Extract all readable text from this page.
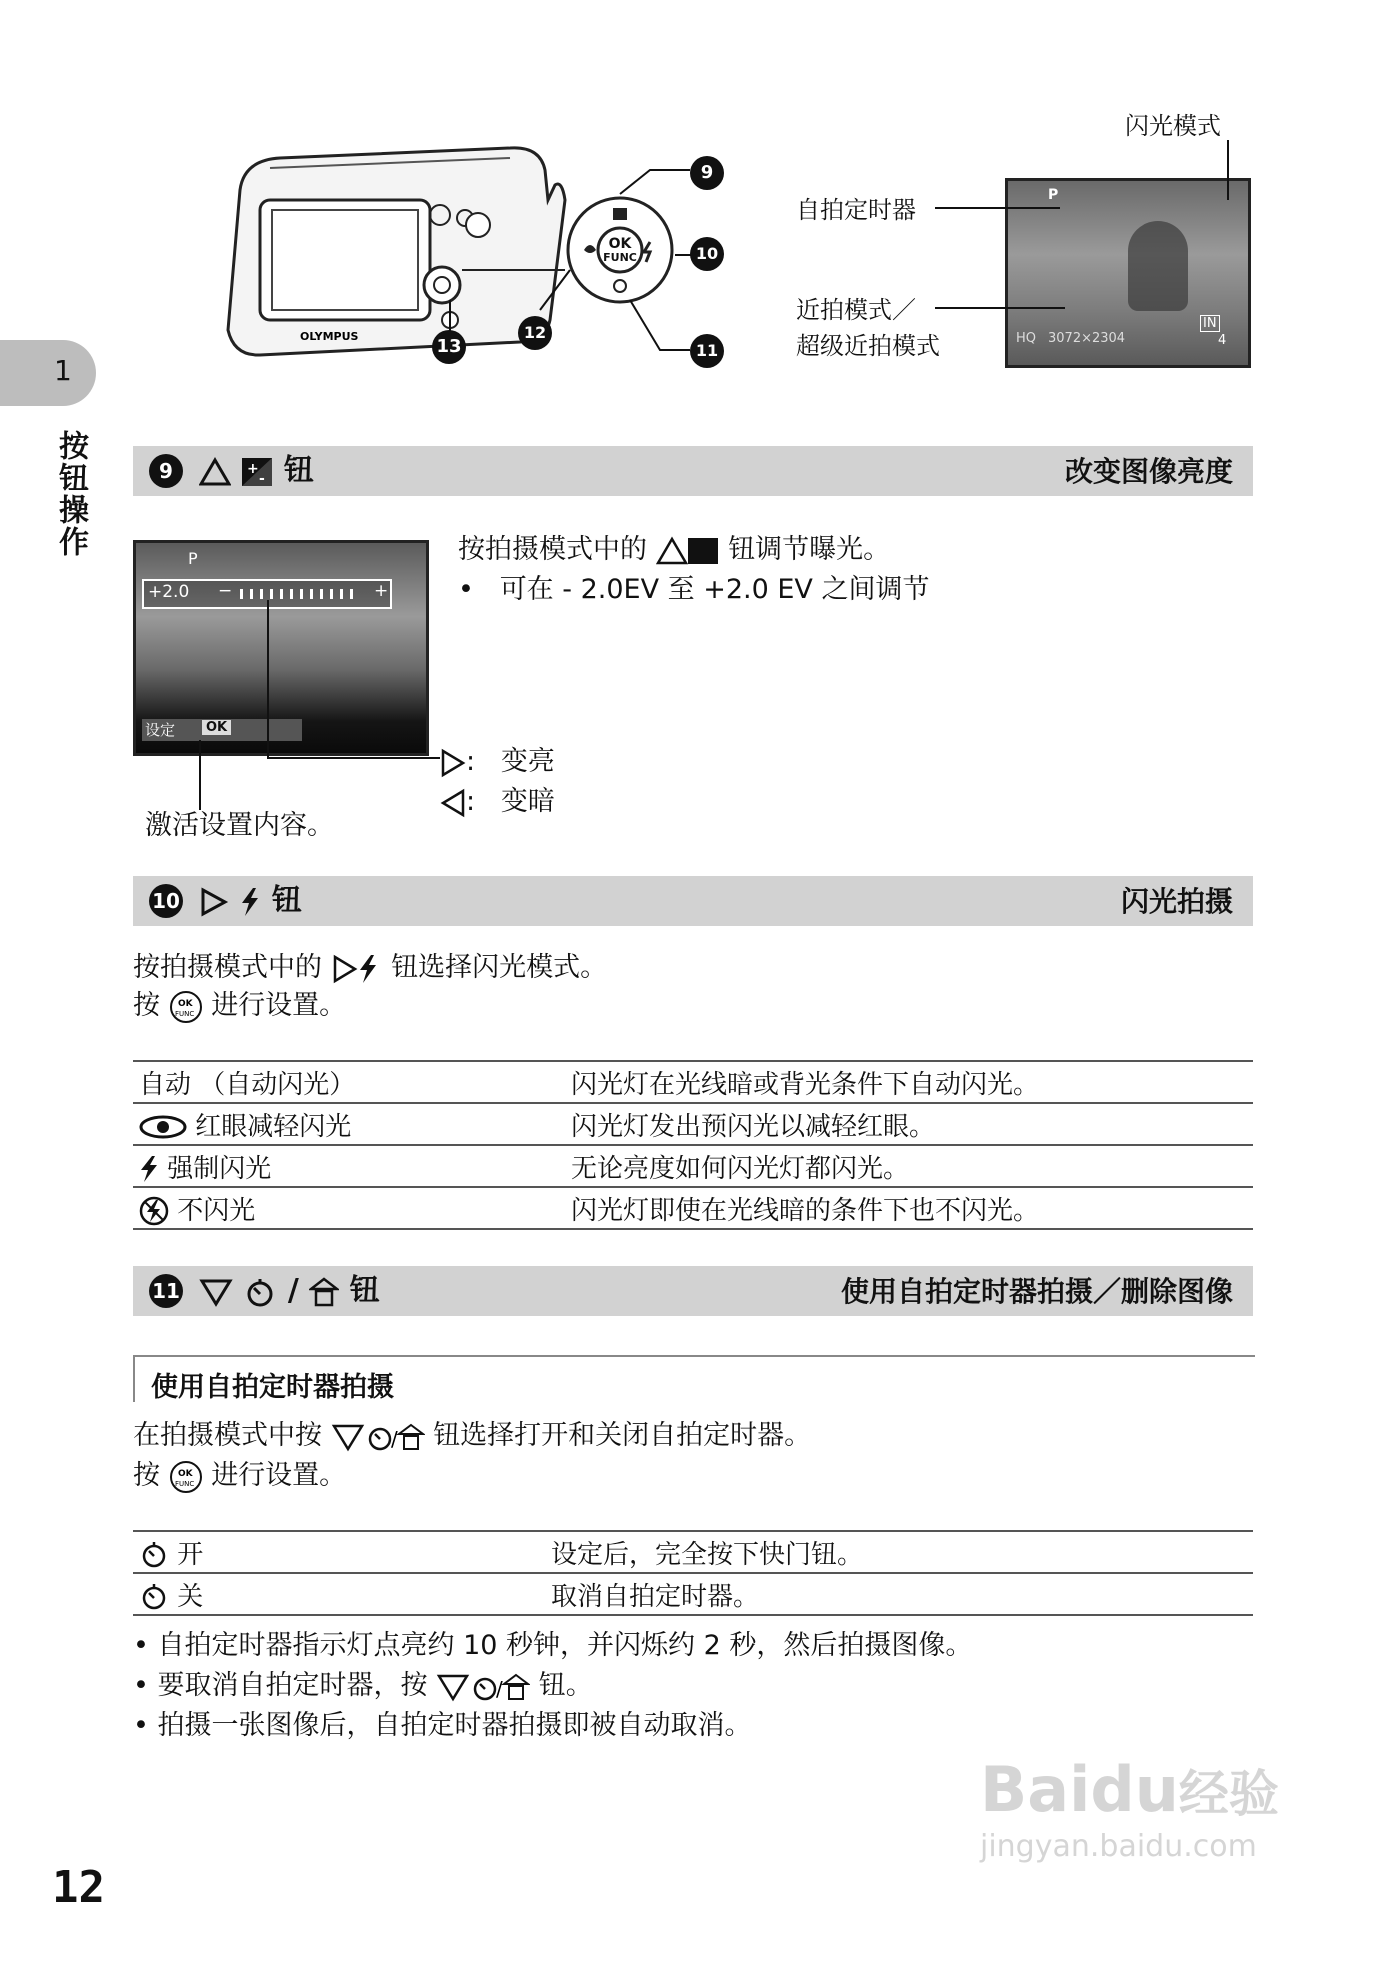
1
按钮操作
OLYMPUS	13
OK
FUNC
9
10
11
12
P
HQ 3072×2304
IN
4
闪光模式
自拍定时器
近拍模式／
超级近拍模式
9
	+
- 钮	改变图像亮度
P
+2.0 −	+
设定	OK
按拍摄模式中的	钮调节曝光。
•   可在 - 2.0EV 至 +2.0 EV 之间调节
: 变亮
: 变暗
激活设置内容。
10	钮	闪光拍摄
按拍摄模式中的	钮选择闪光模式。
按 OK
FUNC 进行设置。
自动 （自动闪光）	闪光灯在光线暗或背光条件下自动闪光。
红眼减轻闪光	闪光灯发出预闪光以减轻红眼。
强制闪光	无论亮度如何闪光灯都闪光。
不闪光	闪光灯即使在光线暗的条件下也不闪光。
11	/ 钮	使用自拍定时器拍摄／删除图像
使用自拍定时器拍摄
在拍摄模式中按	/ 钮选择打开和关闭自拍定时器。
按 OK
FUNC 进行设置。
开	设定后，完全按下快门钮。
关	取消自拍定时器。
• 自拍定时器指示灯点亮约 10 秒钟，并闪烁约 2 秒，然后拍摄图像。
• 要取消自拍定时器，按	/ 钮。
• 拍摄一张图像后，自拍定时器拍摄即被自动取消。
12
Baidu经验
jingyan.baidu.com
